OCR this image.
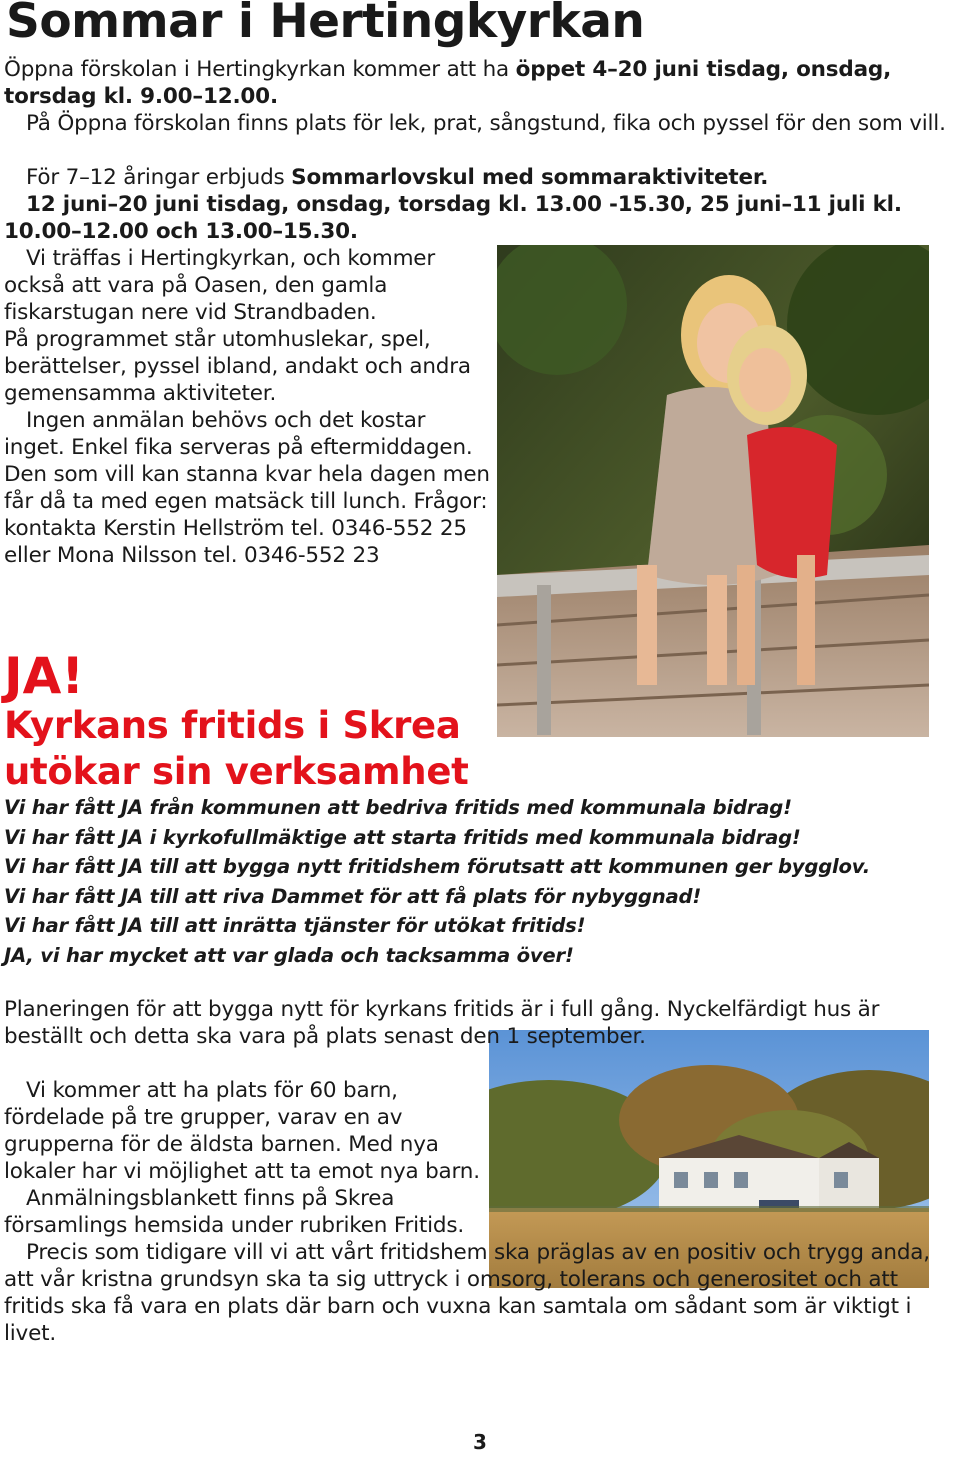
Sommar i Hertingkyrkan

Öppna förskolan i Hertingkyrkan kommer att ha öppet 4–20 juni tisdag, onsdag, torsdag kl. 9.00–12.00.

På Öppna förskolan finns plats för lek, prat, sångstund, fika och pyssel för den som vill.

För 7–12 åringar erbjuds Sommarlovskul med sommaraktiviteter.

12 juni–20 juni tisdag, onsdag, torsdag kl. 13.00 -15.30, 25 juni–11 juli kl. 10.00–12.00 och 13.00–15.30.

Vi träffas i Hertingkyrkan, och kommer också att vara på Oasen, den gamla fiskarstugan nere vid Strandbaden.

På programmet står utomhuslekar, spel, berättelser, pyssel ibland, andakt och andra gemensamma aktiviteter.

Ingen anmälan behövs och det kostar inget. Enkel fika serveras på eftermiddagen. Den som vill kan stanna kvar hela dagen men får då ta med egen matsäck till lunch. Frågor: kontakta Kerstin Hellström tel. 0346-552 25 eller Mona Nilsson tel. 0346-552 23

JA!
Kyrkans fritids i Skrea utökar sin verksamhet
Vi har fått JA från kommunen att bedriva fritids med kommunala bidrag!
Vi har fått JA i kyrkofullmäktige att starta fritids med kommunala bidrag!
Vi har fått JA till att bygga nytt fritidshem förutsatt att kommunen ger bygglov.
Vi har fått JA till att riva Dammet för att få plats för nybyggnad!
Vi har fått JA till att inrätta tjänster för utökat fritids!
JA, vi har mycket att var glada och tacksamma över!

Planeringen för att bygga nytt för kyrkans fritids är i full gång. Nyckelfärdigt hus är beställt och detta ska vara på plats senast den 1 september.

Vi kommer att ha plats för 60 barn, fördelade på tre grupper, varav en av grupperna för de äldsta barnen. Med nya lokaler har vi möjlighet att ta emot nya barn.

Anmälningsblankett finns på Skrea församlings hemsida under rubriken Fritids.

Precis som tidigare vill vi att vårt fritidshem ska präglas av en positiv och trygg anda, att vår kristna grundsyn ska ta sig uttryck i omsorg, tolerans och generositet och att fritids ska få vara en plats där barn och vuxna kan samtala om sådant som är viktigt i livet.

3
